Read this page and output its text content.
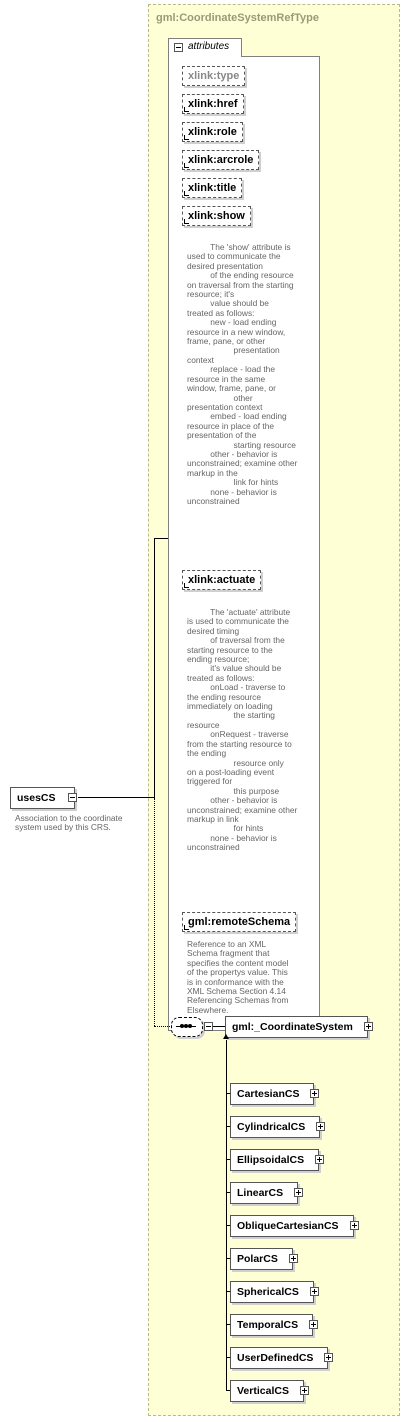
gml:CoordinateSystemRefType
attributes
xlink:type
xlink:href
xlink:role
xlink:arcrole
xlink:title
xlink:show
The 'show' attribute is
used to communicate the
desired presentation
of the ending resource
on traversal from the starting
resource; it's
value should be
treated as follows:
new - load ending
resource in a new window,
frame, pane, or other
presentation
context
replace - load the
resource in the same
window, frame, pane, or
other
presentation context
embed - load ending
resource in place of the
presentation of the
starting resource
other - behavior is
unconstrained; examine other
markup in the
link for hints
none - behavior is
unconstrained
xlink:actuate
The 'actuate' attribute
is used to communicate the
desired timing
of traversal from the
starting resource to the
ending resource;
it's value should be
treated as follows:
onLoad - traverse to
the ending resource
immediately on loading
the starting
resource
onRequest - traverse
from the starting resource to
the ending
resource only
on a post-loading event
triggered for
this purpose
other - behavior is
unconstrained; examine other
markup in link
for hints
none - behavior is
unconstrained
gml:remoteSchema
Reference to an XML
Schema fragment that
specifies the content model
of the propertys value. This
is in conformance with the
XML Schema Section 4.14
Referencing Schemas from
Elsewhere.
usesCS
Association to the coordinate
system used by this CRS.
gml:_CoordinateSystem
CartesianCS
CylindricalCS
EllipsoidalCS
LinearCS
ObliqueCartesianCS
PolarCS
SphericalCS
TemporalCS
UserDefinedCS
VerticalCS
